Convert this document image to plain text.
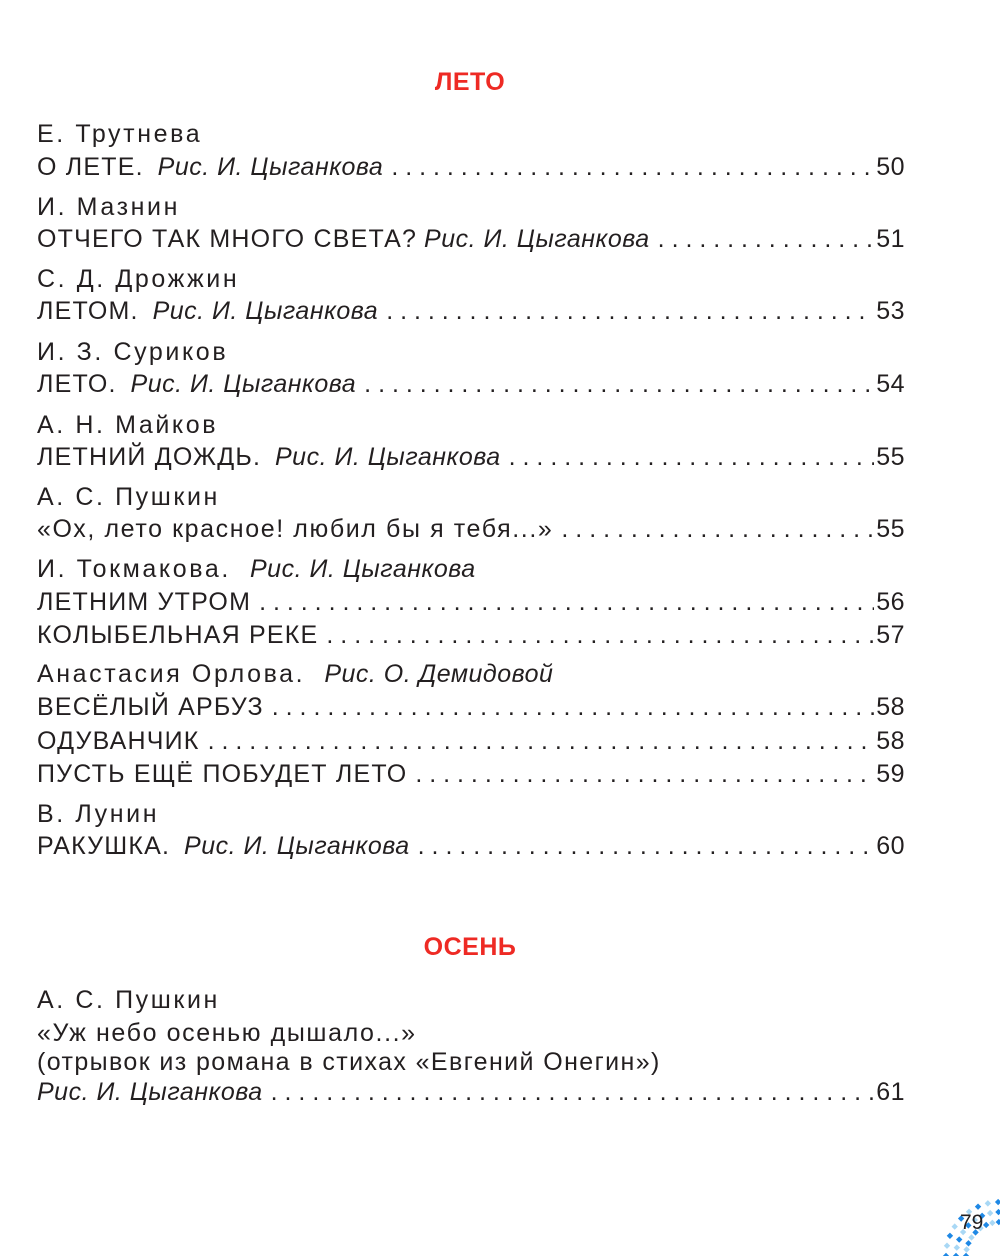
ЛЕТО
Е. Трутнева
О ЛЕТЕ.
Рис. И. Цыганкова . . .	50
И. Мазнин
ОТЧЕГО ТАК МНОГО СВЕТА?
Рис. И. Цыганкова . . .	51
С. Д. Дрожжин
ЛЕТОМ.
Рис. И. Цыганкова . . .	53
И. З. Суриков
ЛЕТО.
Рис. И. Цыганкова . . .	54
А. Н. Майков
ЛЕТНИЙ ДОЖДЬ.
Рис. И. Цыганкова . . .	55
А. С. Пушкин
«Ох, лето красное! любил бы я тебя...» . . .	55
И. Токмакова. Рис. И. Цыганкова
ЛЕТНИМ УТРОМ . . .	56
КОЛЫБЕЛЬНАЯ РЕКЕ . . .	57
Анастасия Орлова. Рис. О. Демидовой
ВЕСЁЛЫЙ АРБУЗ . . .	58
ОДУВАНЧИК . . .	58
ПУСТЬ ЕЩЁ ПОБУДЕТ ЛЕТО . . .	59
В. Лунин
РАКУШКА.
Рис. И. Цыганкова . . .	60
ОСЕНЬ
А. С. Пушкин
«Уж небо осенью дышало...»
(отрывок из романа в стихах «Евгений Онегин»)
Рис. И. Цыганкова . . .	61
79
